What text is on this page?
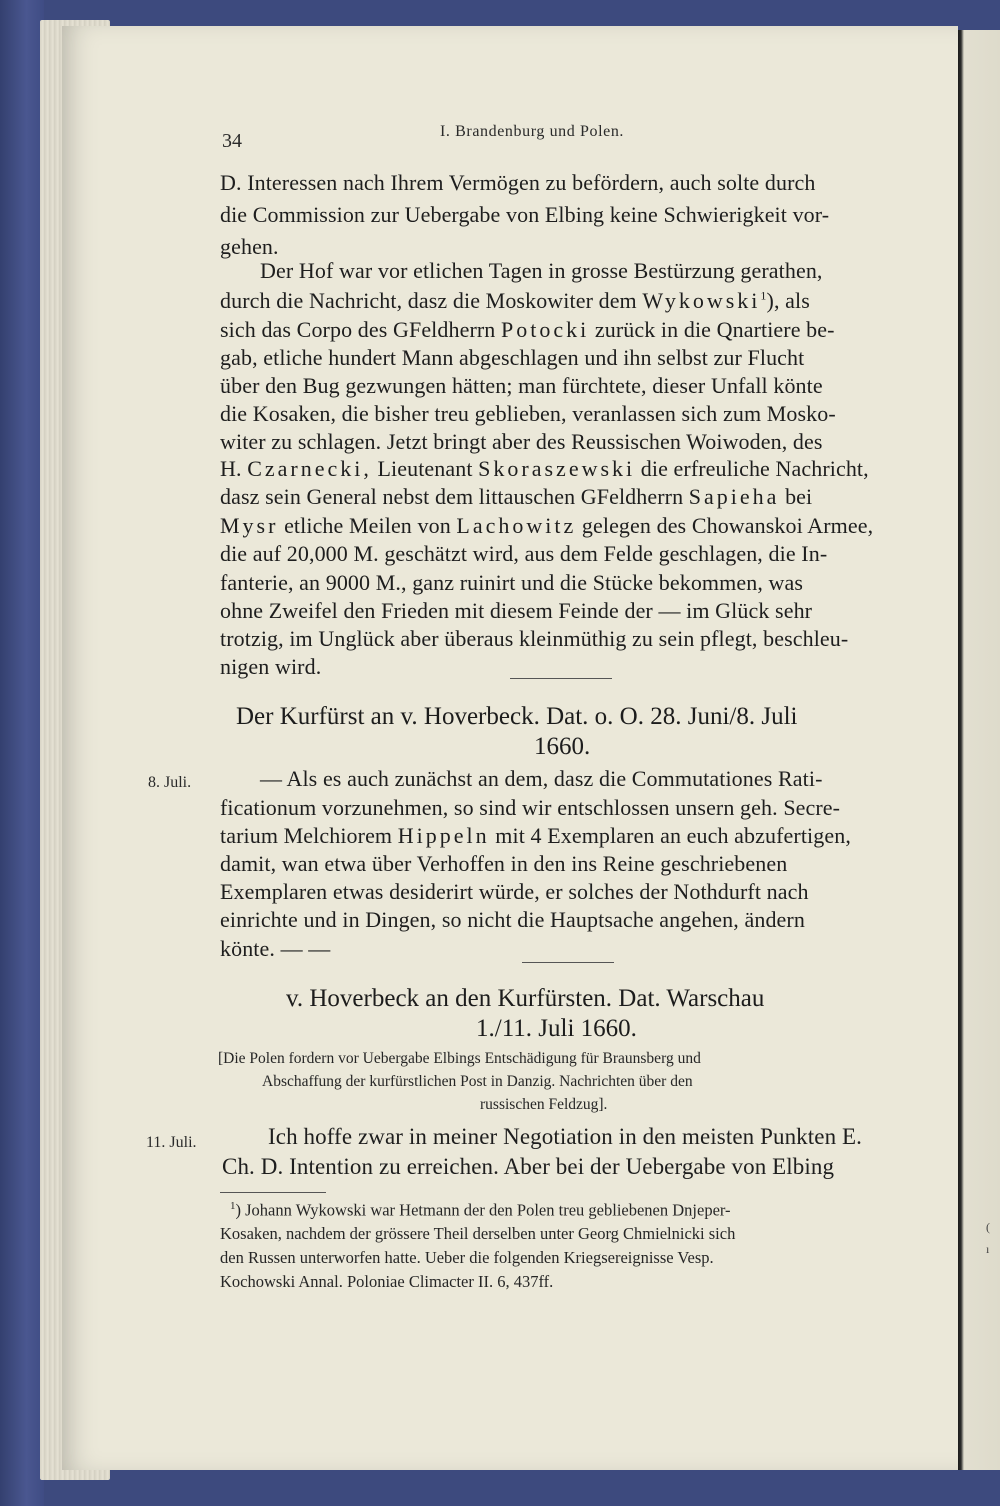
(
ı
34	I. Brandenburg und Polen.
D. Interessen nach Ihrem Vermögen zu befördern, auch solte durch
die Commission zur Uebergabe von Elbing keine Schwierigkeit vor-
gehen.
Der Hof war vor etlichen Tagen in grosse Bestürzung gerathen,
durch die Nachricht, dasz die Moskowiter dem Wykowski$^1$), als
sich das Corpo des GFeldherrn Potocki zurück in die Qnartiere be-
gab, etliche hundert Mann abgeschlagen und ihn selbst zur Flucht
über den Bug gezwungen hätten; man fürchtete, dieser Unfall könte
die Kosaken, die bisher treu geblieben, veranlassen sich zum Mosko-
witer zu schlagen. Jetzt bringt aber des Reussischen Woiwoden, des
H. Czarnecki, Lieutenant Skoraszewski die erfreuliche Nachricht,
dasz sein General nebst dem littauschen GFeldherrn Sapieha bei
Mysr etliche Meilen von Lachowitz gelegen des Chowanskoi Armee,
die auf 20,000 M. geschätzt wird, aus dem Felde geschlagen, die In-
fanterie, an 9000 M., ganz ruinirt und die Stücke bekommen, was
ohne Zweifel den Frieden mit diesem Feinde der — im Glück sehr
trotzig, im Unglück aber überaus kleinmüthig zu sein pflegt, beschleu-
nigen wird.
Der Kurfürst an v. Hoverbeck. Dat. o. O. 28. Juni/8. Juli
1660.
8. Juli.	— Als es auch zunächst an dem, dasz die Commutationes Rati-
ficationum vorzunehmen, so sind wir entschlossen unsern geh. Secre-
tarium Melchiorem Hippeln mit 4 Exemplaren an euch abzufertigen,
damit, wan etwa über Verhoffen in den ins Reine geschriebenen
Exemplaren etwas desiderirt würde, er solches der Nothdurft nach
einrichte und in Dingen, so nicht die Hauptsache angehen, ändern
könte. — —
v. Hoverbeck an den Kurfürsten. Dat. Warschau
1./11. Juli 1660.
[Die Polen fordern vor Uebergabe Elbings Entschädigung für Braunsberg und
Abschaffung der kurfürstlichen Post in Danzig. Nachrichten über den
russischen Feldzug].
11. Juli.	Ich hoffe zwar in meiner Negotiation in den meisten Punkten E.
Ch. D. Intention zu erreichen. Aber bei der Uebergabe von Elbing
$^1$) Johann Wykowski war Hetmann der den Polen treu gebliebenen Dnjeper-
Kosaken, nachdem der grössere Theil derselben unter Georg Chmielnicki sich
den Russen unterworfen hatte. Ueber die folgenden Kriegsereignisse Vesp.
Kochowski Annal. Poloniae Climacter II. 6, 437ff.
